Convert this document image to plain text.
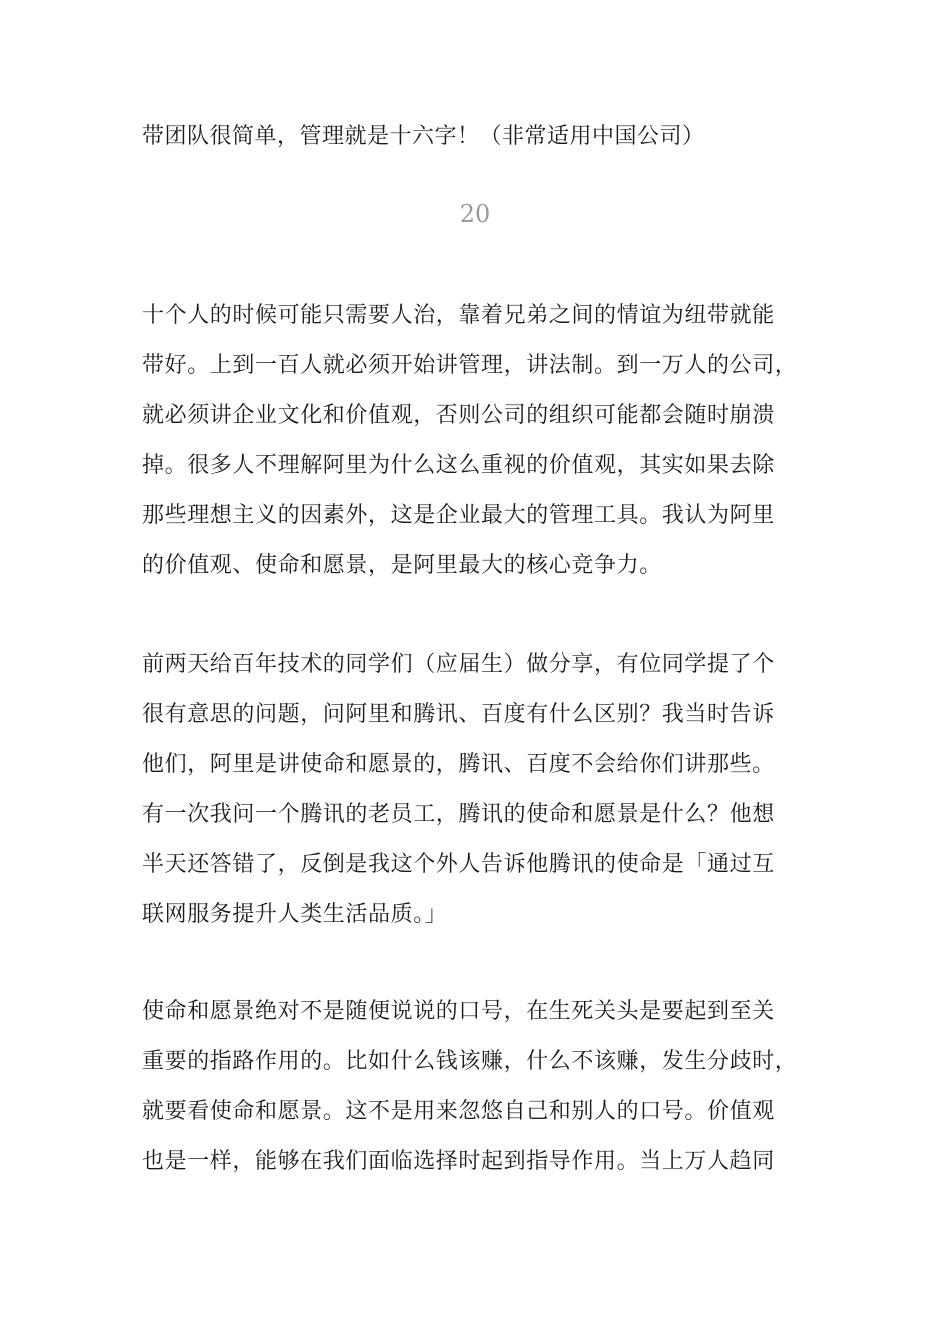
带团队很简单，管理就是十六字！（非常适用中国公司）
20
十个人的时候可能只需要人治，靠着兄弟之间的情谊为纽带就能
带好。上到一百人就必须开始讲管理，讲法制。到一万人的公司，
就必须讲企业文化和价值观，否则公司的组织可能都会随时崩溃
掉。很多人不理解阿里为什么这么重视的价值观，其实如果去除
那些理想主义的因素外，这是企业最大的管理工具。我认为阿里
的价值观、使命和愿景，是阿里最大的核心竞争力。
前两天给百年技术的同学们（应届生）做分享，有位同学提了个
很有意思的问题，问阿里和腾讯、百度有什么区别？我当时告诉
他们，阿里是讲使命和愿景的，腾讯、百度不会给你们讲那些。
有一次我问一个腾讯的老员工，腾讯的使命和愿景是什么？他想
半天还答错了，反倒是我这个外人告诉他腾讯的使命是「通过互
联网服务提升人类生活品质。」
使命和愿景绝对不是随便说说的口号，在生死关头是要起到至关
重要的指路作用的。比如什么钱该赚，什么不该赚，发生分歧时，
就要看使命和愿景。这不是用来忽悠自己和别人的口号。价值观
也是一样，能够在我们面临选择时起到指导作用。当上万人趋同
